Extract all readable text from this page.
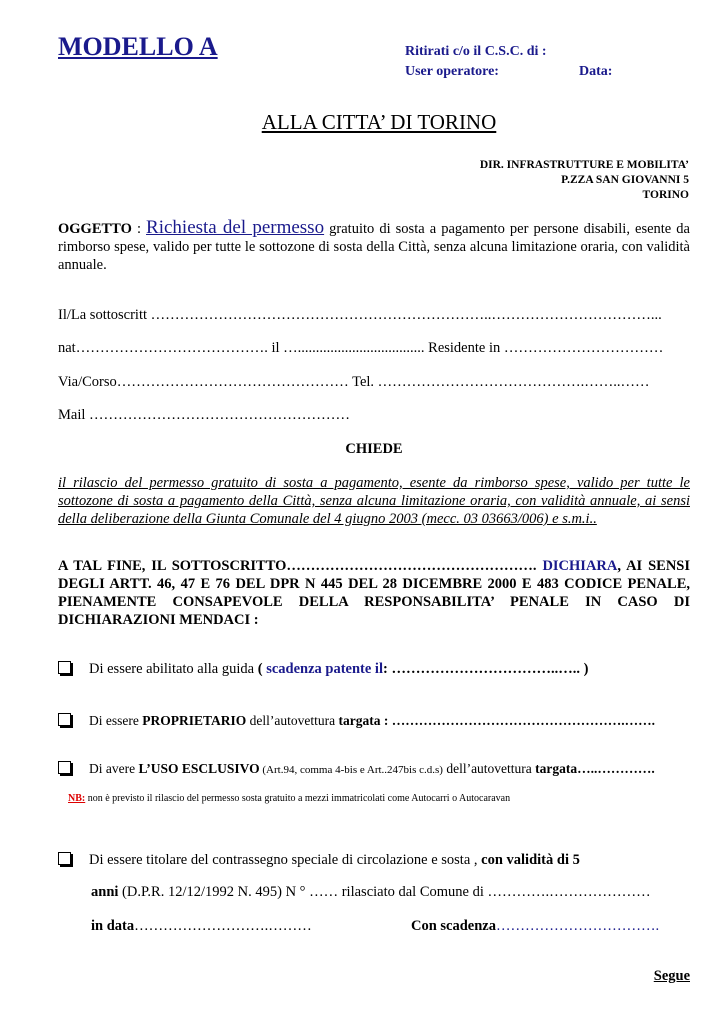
MODELLO A	Ritirati c/o il C.S.C. di :
User operatore:	Data:
ALLA CITTA’ DI TORINO
DIR. INFRASTRUTTURE E MOBILITA’
P.ZZA SAN GIOVANNI 5
TORINO
OGGETTO : Richiesta del permesso gratuito di sosta a pagamento per persone disabili, esente da rimborso spese, valido per tutte le sottozone di sosta della Città, senza alcuna limitazione oraria, con validità annuale.
Il/La sottoscritt ……………………………………………………………..……………………………...
nat…………………………………. il …................................... Residente in ……………………………
Via/Corso………………………………………… Tel. …………………………………….……..……
Mail ………………………………………………
CHIEDE
il rilascio del permesso gratuito di sosta a pagamento, esente da rimborso spese, valido per tutte le sottozone di sosta a pagamento della Città, senza alcuna limitazione oraria, con validità annuale, ai sensi della deliberazione della Giunta Comunale del 4 giugno 2003 (mecc. 03 03663/006) e s.m.i..
A TAL FINE, IL SOTTOSCRITTO……………………………………………. DICHIARA, AI SENSI DEGLI ARTT. 46, 47 E 76 DEL DPR N 445 DEL 28 DICEMBRE 2000 E 483 CODICE PENALE, PIENAMENTE CONSAPEVOLE DELLA RESPONSABILITA’ PENALE IN CASO DI DICHIARAZIONI MENDACI :
Di essere abilitato alla guida ( scadenza patente il: ……………………………..….. )
Di essere PROPRIETARIO dell’autovettura targata : …………………………………………….…….
Di avere L’USO ESCLUSIVO (Art.94, comma 4-bis e Art..247bis c.d.s) dell’autovettura targata…..………….
NB: non è previsto il rilascio del permesso sosta gratuito a mezzi immatricolati come Autocarri o Autocaravan
Di essere titolare del contrassegno speciale di circolazione e sosta , con validità di 5
anni (D.P.R. 12/12/1992 N. 495) N ° …… rilasciato dal Comune di ………….…………………
in data……………………….………	Con scadenza…………………………….
Segue
